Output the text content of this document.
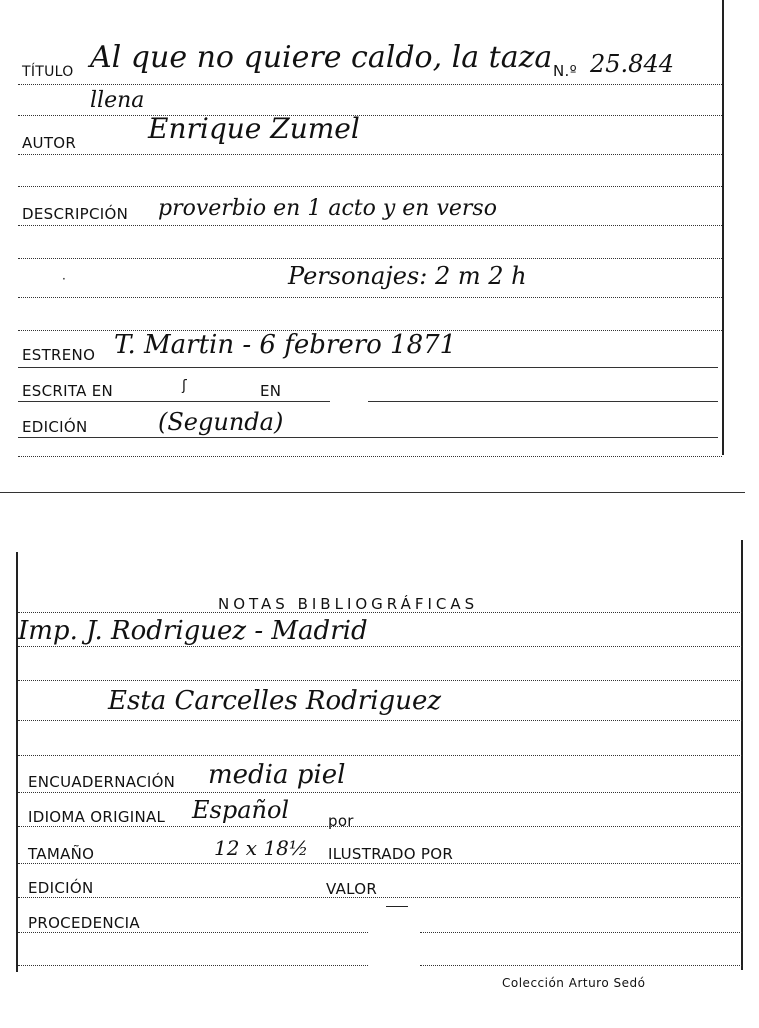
TÍTULO Al que no quiere caldo, la taza N.º 25.844
llena
AUTOR	Enrique Zumel
DESCRIPCIÓN proverbio en 1 acto y en verso
Personajes: 2 m 2 h
·
ESTRENO T. Martin - 6 febrero 1871
ESCRITA EN	EN
ʃ
EDICIÓN	(Segunda)
NOTAS BIBLIOGRÁFICAS
Imp. J. Rodriguez - Madrid
Esta Carcelles Rodriguez
ENCUADERNACIÓN media piel
IDIOMA ORIGINAL Español	por
TAMAÑO	12 x 18½ ILUSTRADO POR
EDICIÓN	VALOR
PROCEDENCIA
Colección Arturo Sedó
